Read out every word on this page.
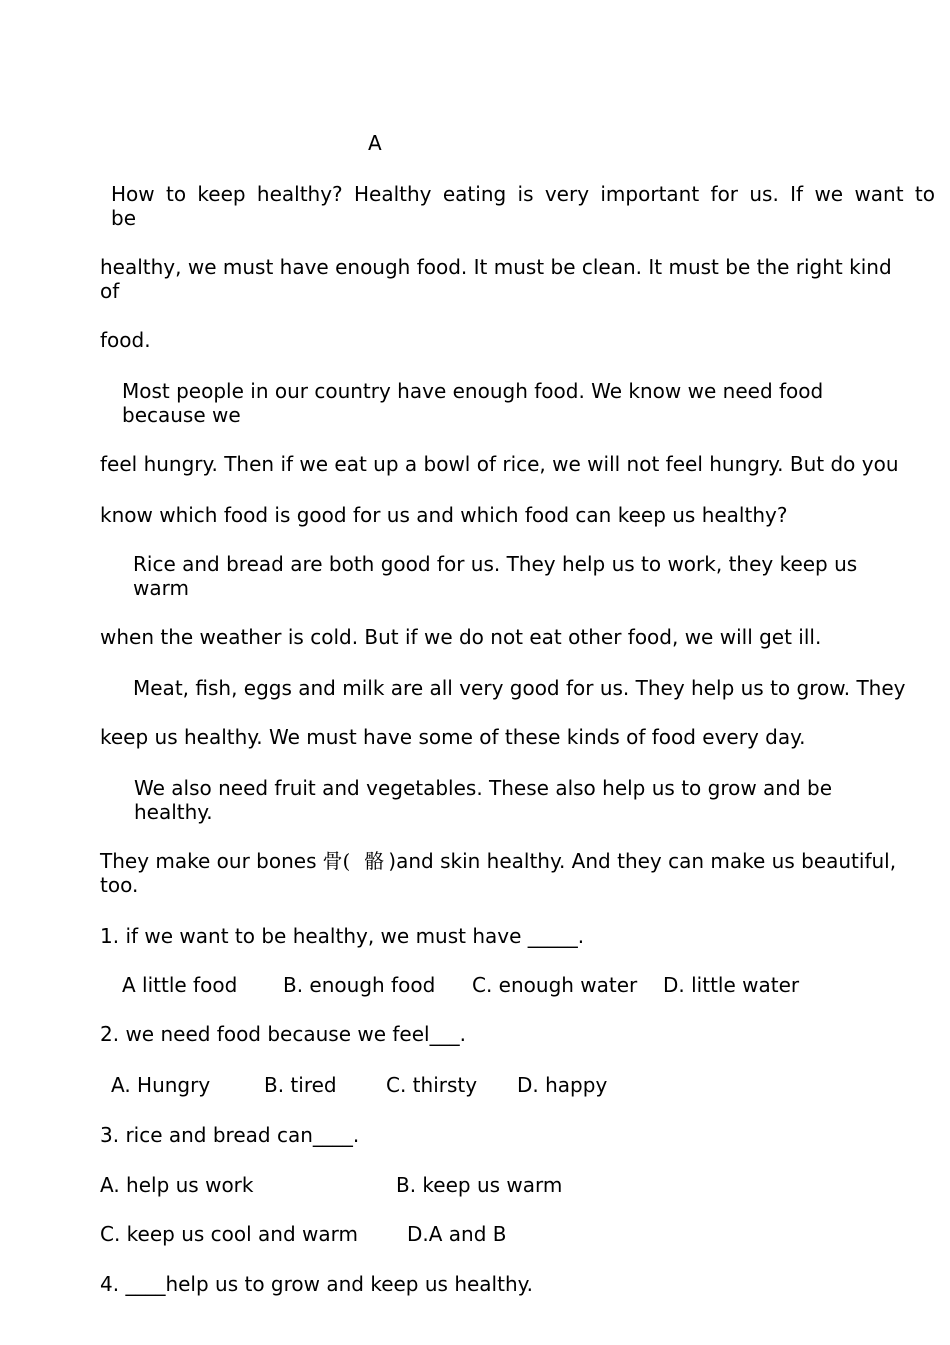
A
How to keep healthy? Healthy eating is very important for us. If we want to
be
healthy, we must have enough food. It must be clean. It must be the right kind
of
food.
Most people in our country have enough food. We know we need food
because we
feel hungry. Then if we eat up a bowl of rice, we will not feel hungry. But do you
know which food is good for us and which food can keep us healthy?
Rice and bread are both good for us. They help us to work, they keep us
warm
when the weather is cold. But if we do not eat other food, we will get ill.
Meat, fish, eggs and milk are all very good for us. They help us to grow. They
keep us healthy. We must have some of these kinds of food every day.
We also need fruit and vegetables. These also help us to grow and be
healthy.
They make our bones 骨( 骼 )and skin healthy. And they can make us beautiful,
too.
1. if we want to be healthy, we must have _____.
A little food B. enough food C. enough water D. little water
2. we need food because we feel___.
A. Hungry	B. tired C. thirsty D. happy
3. rice and bread can____.
A. help us work	B. keep us warm
C. keep us cool and warm D.A and B
4. ____help us to grow and keep us healthy.
